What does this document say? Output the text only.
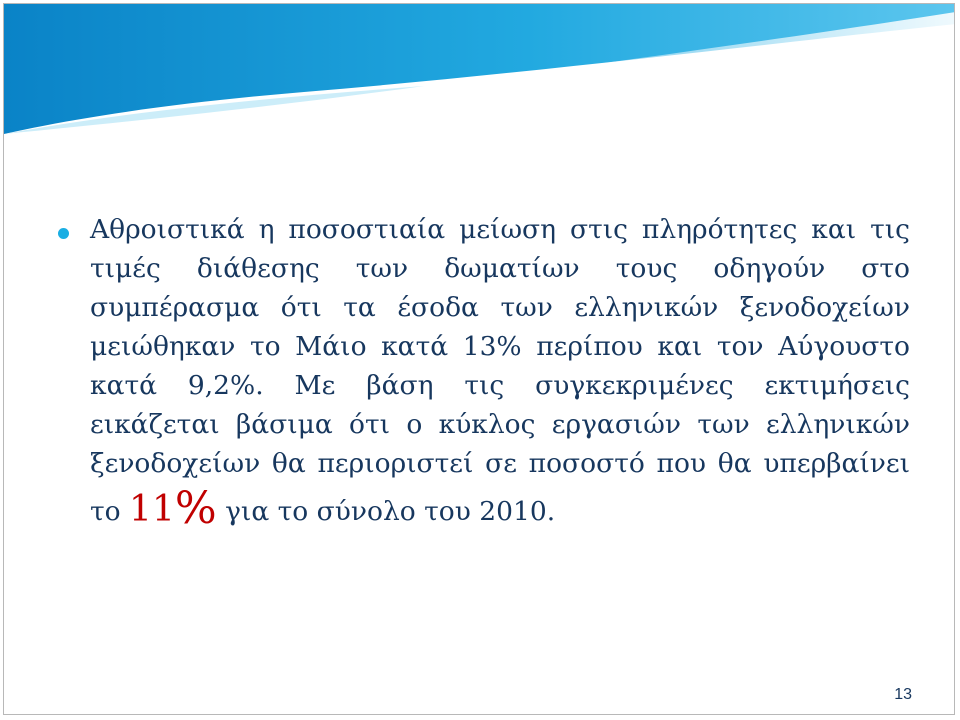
Αθροιστικά η ποσοστιαία μείωση στις πληρότητες και τις
τιμές διάθεσης των δωματίων τους οδηγούν στο
συμπέρασμα ότι τα έσοδα των ελληνικών ξενοδοχείων
μειώθηκαν το Μάιο κατά 13% περίπου και τον Αύγουστο
κατά 9,2%. Με βάση τις συγκεκριμένες εκτιμήσεις
εικάζεται βάσιμα ότι ο κύκλος εργασιών των ελληνικών
ξενοδοχείων θα περιοριστεί σε ποσοστό που θα υπερβαίνει
το 11% για το σύνολο του 2010.
13
